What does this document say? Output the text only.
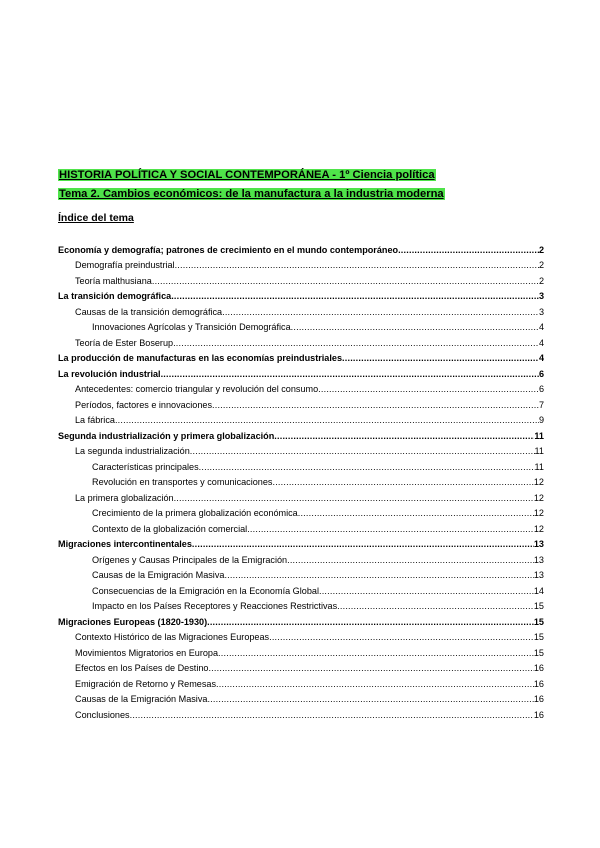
HISTORIA POLÍTICA Y SOCIAL CONTEMPORÁNEA - 1º Ciencia política
Tema 2. Cambios económicos: de la manufactura a la industria moderna
Índice del tema
Economía y demografía; patrones de crecimiento en el mundo contemporáneo .....	2
Demografía preindustrial .....	2
Teoría malthusiana .....	2
La transición demográfica .....	3
Causas de la transición demográfica .....	3
Innovaciones Agrícolas y Transición Demográfica .....	4
Teoría de Ester Boserup .....	4
La producción de manufacturas en las economías preindustriales .....	4
La revolución industrial .....	6
Antecedentes: comercio triangular y revolución del consumo .....	6
Períodos, factores e innovaciones .....	7
La fábrica .....	9
Segunda industrialización y primera globalización .....	11
La segunda industrialización .....	11
Características principales .....	11
Revolución en transportes y comunicaciones .....	12
La primera globalización .....	12
Crecimiento de la primera globalización económica .....	12
Contexto de la globalización comercial .....	12
Migraciones intercontinentales .....	13
Orígenes y Causas Principales de la Emigración .....	13
Causas de la Emigración Masiva .....	13
Consecuencias de la Emigración en la Economía Global .....	14
Impacto en los Países Receptores y Reacciones Restrictivas .....	15
Migraciones Europeas (1820-1930) .....	15
Contexto Histórico de las Migraciones Europeas .....	15
Movimientos Migratorios en Europa .....	15
Efectos en los Países de Destino .....	16
Emigración de Retorno y Remesas .....	16
Causas de la Emigración Masiva .....	16
Conclusiones .....	16
